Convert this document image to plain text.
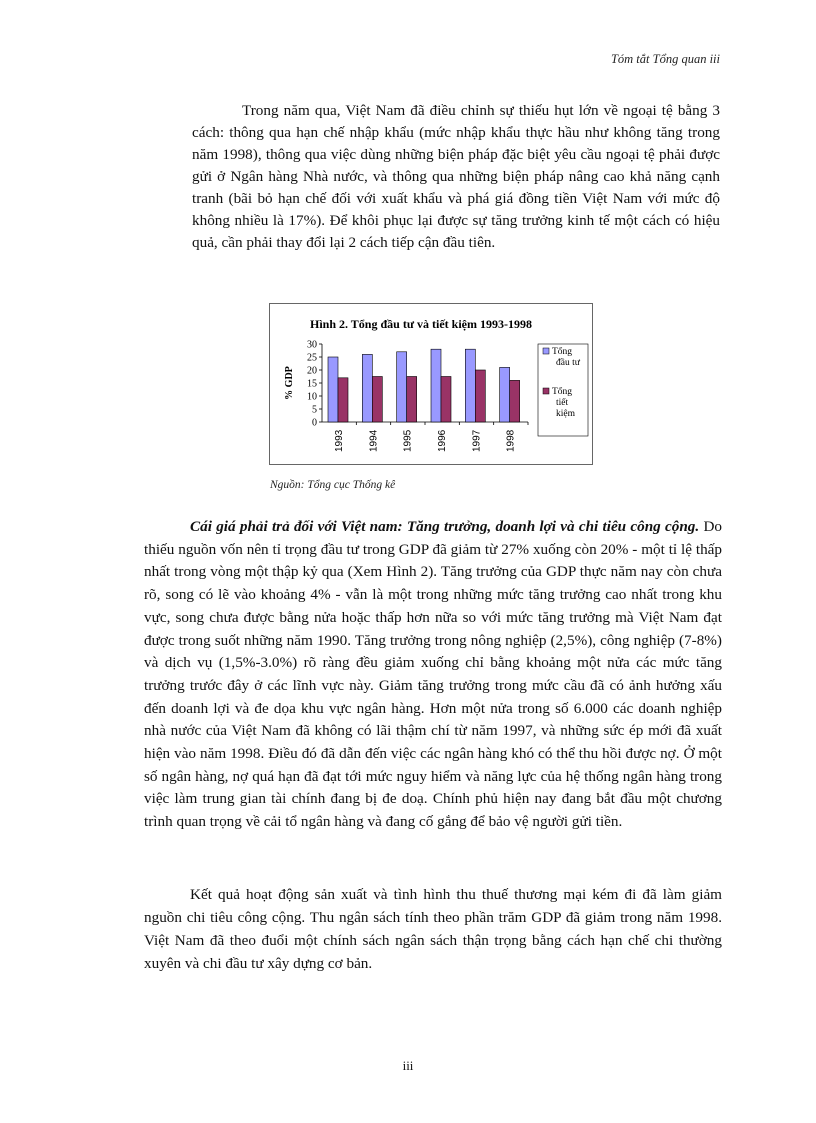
Tóm tắt Tổng quan iii

Trong năm qua, Việt Nam đã điều chỉnh sự thiếu hụt lớn về ngoại tệ bằng 3 cách: thông qua hạn chế nhập khẩu (mức nhập khẩu thực hầu như không tăng trong năm 1998), thông qua việc dùng những biện pháp đặc biệt yêu cầu ngoại tệ phải được gửi ở Ngân hàng Nhà nước, và thông qua những biện pháp nâng cao khả năng cạnh tranh (bãi bỏ hạn chế đối với xuất khẩu và phá giá đồng tiền Việt Nam với mức độ không nhiều là 17%). Để khôi phục lại được sự tăng trưởng kinh tế một cách có hiệu quả, cần phải thay đổi lại 2 cách tiếp cận đầu tiên.

Hình 2. Tổng đầu tư và tiết kiệm 1993-1998
% GDP
0
5
10
15
20
25
30
1993 1994 1995 1996 1997 1998
Tổng
đầu tư
Tổng
tiết
kiệm
Nguồn: Tổng cục Thống kê

Cái giá phải trả đối với Việt nam: Tăng trưởng, doanh lợi và chi tiêu công cộng. Do thiếu nguồn vốn nên tỉ trọng đầu tư trong GDP đã giảm từ 27% xuống còn 20% - một tỉ lệ thấp nhất trong vòng một thập kỷ qua (Xem Hình 2). Tăng trưởng của GDP thực năm nay còn chưa rõ, song có lẽ vào khoảng 4% - vẫn là một trong những mức tăng trưởng cao nhất trong khu vực, song chưa được bằng nửa hoặc thấp hơn nữa so với mức tăng trưởng mà Việt Nam đạt được trong suốt những năm 1990. Tăng trưởng trong nông nghiệp (2,5%), công nghiệp (7-8%) và dịch vụ (1,5%-3.0%) rõ ràng đều giảm xuống chỉ bằng khoảng một nửa các mức tăng trưởng trước đây ở các lĩnh vực này. Giảm tăng trưởng trong mức cầu đã có ảnh hưởng xấu đến doanh lợi và đe dọa khu vực ngân hàng. Hơn một nửa trong số 6.000 các doanh nghiệp nhà nước của Việt Nam đã không có lãi thậm chí từ năm 1997, và những sức ép mới đã xuất hiện vào năm 1998. Điều đó đã dẫn đến việc các ngân hàng khó có thể thu hồi được nợ. Ở một số ngân hàng, nợ quá hạn đã đạt tới mức nguy hiểm và năng lực của hệ thống ngân hàng trong việc làm trung gian tài chính đang bị đe doạ. Chính phủ hiện nay đang bắt đầu một chương trình quan trọng về cải tổ ngân hàng và đang cố gắng để bảo vệ người gửi tiền.

Kết quả hoạt động sản xuất và tình hình thu thuế thương mại kém đi đã làm giảm nguồn chi tiêu công cộng. Thu ngân sách tính theo phần trăm GDP đã giảm trong năm 1998. Việt Nam đã theo đuổi một chính sách ngân sách thận trọng bằng cách hạn chế chi thường xuyên và chi đầu tư xây dựng cơ bản.

iii
